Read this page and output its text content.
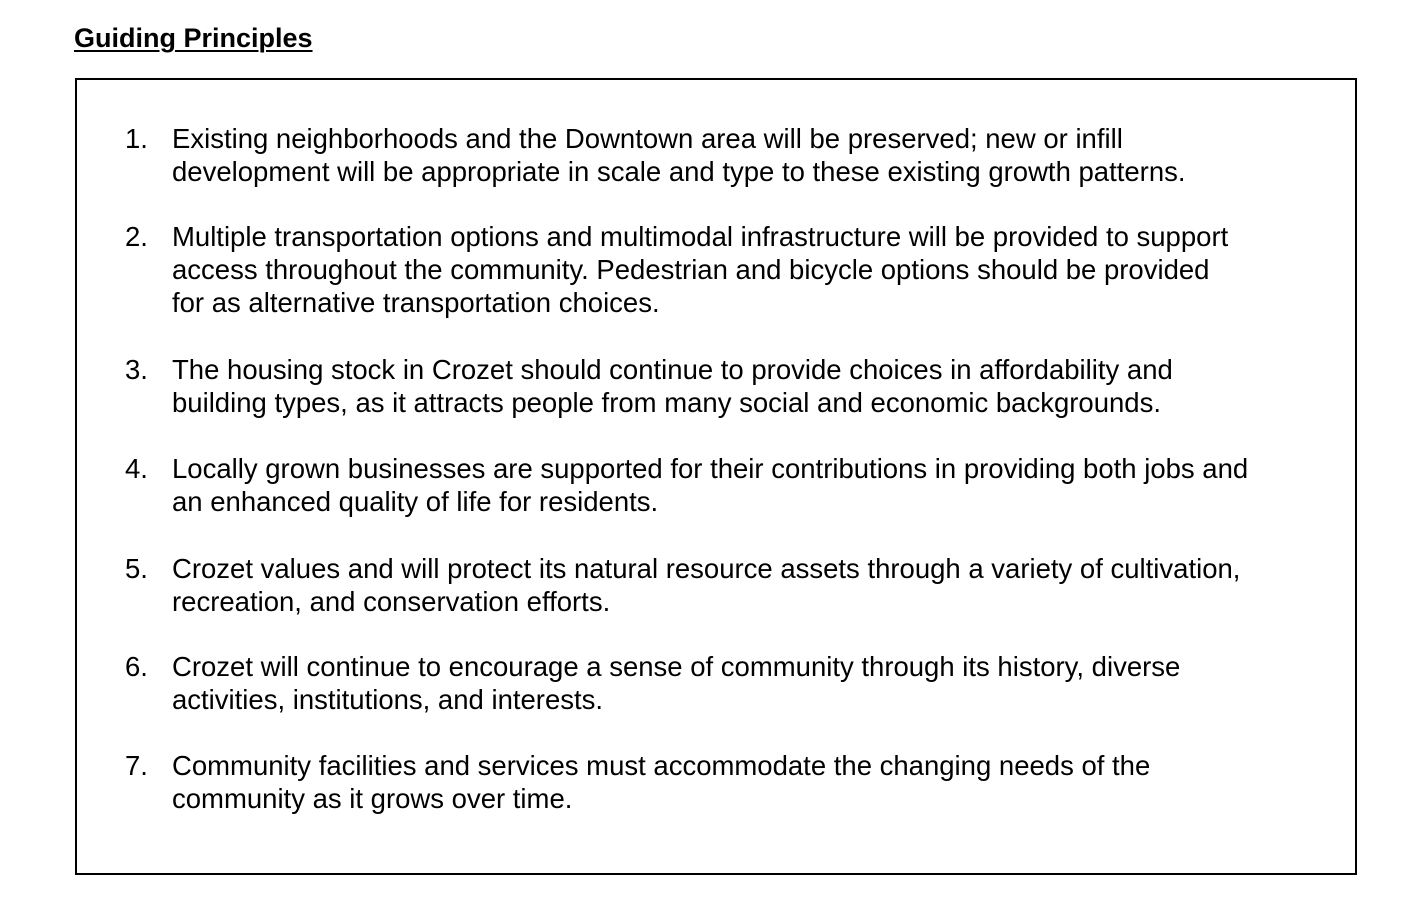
Guiding Principles
1. Existing neighborhoods and the Downtown area will be preserved; new or infill
development will be appropriate in scale and type to these existing growth patterns.
2. Multiple transportation options and multimodal infrastructure will be provided to support
access throughout the community. Pedestrian and bicycle options should be provided
for as alternative transportation choices.
3. The housing stock in Crozet should continue to provide choices in affordability and
building types, as it attracts people from many social and economic backgrounds.
4. Locally grown businesses are supported for their contributions in providing both jobs and
an enhanced quality of life for residents.
5. Crozet values and will protect its natural resource assets through a variety of cultivation,
recreation, and conservation efforts.
6. Crozet will continue to encourage a sense of community through its history, diverse
activities, institutions, and interests.
7. Community facilities and services must accommodate the changing needs of the
community as it grows over time.
